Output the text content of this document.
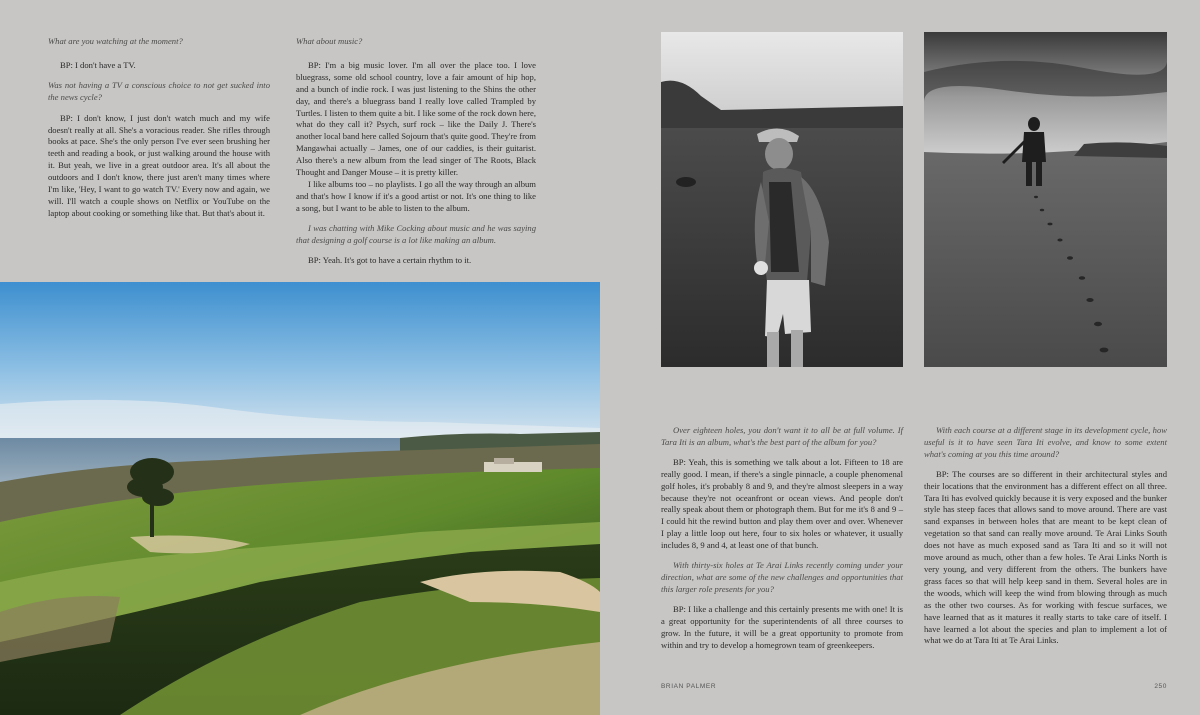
What are you watching at the moment?

BP: I don't have a TV.

Was not having a TV a conscious choice to not get sucked into the news cycle?

BP: I don't know, I just don't watch much and my wife doesn't really at all. She's a voracious reader. She rifles through books at pace. She's the only person I've ever seen brushing her teeth and reading a book, or just walking around the house with it. But yeah, we live in a great outdoor area. It's all about the outdoors and I don't know, there just aren't many times where I'm like, 'Hey, I want to go watch TV.' Every now and again, we will. I'll watch a couple shows on Netflix or YouTube on the laptop about cooking or something like that. But that's about it.

What about music?

BP: I'm a big music lover. I'm all over the place too. I love bluegrass, some old school country, love a fair amount of hip hop, and a bunch of indie rock. I was just listening to the Shins the other day, and there's a bluegrass band I really love called Trampled by Turtles. I listen to them quite a bit. I like some of the rock down here, what do they call it? Psych, surf rock – like the Daily J. There's another local band here called Sojourn that's quite good. They're from Mangawhai actually – James, one of our caddies, is their guitarist. Also there's a new album from the lead singer of The Roots, Black Thought and Danger Mouse – it is pretty killer.

I like albums too – no playlists. I go all the way through an album and that's how I know if it's a good artist or not. It's one thing to like a song, but I want to be able to listen to the album.

I was chatting with Mike Cocking about music and he was saying that designing a golf course is a lot like making an album.

BP: Yeah. It's got to have a certain rhythm to it.

Over eighteen holes, you don't want it to all be at full volume. If Tara Iti is an album, what's the best part of the album for you?

BP: Yeah, this is something we talk about a lot. Fifteen to 18 are really good. I mean, if there's a single pinnacle, a couple phenomenal golf holes, it's probably 8 and 9, and they're almost sleepers in a way because they're not oceanfront or ocean views. And people don't really speak about them or photograph them. But for me it's 8 and 9 – I could hit the rewind button and play them over and over. Whenever I play a little loop out here, four to six holes or whatever, it usually includes 8, 9 and 4, at least one of that bunch.

With thirty-six holes at Te Arai Links recently coming under your direction, what are some of the new challenges and opportunities that this larger role presents for you?

BP: I like a challenge and this certainly presents me with one! It is a great opportunity for the superintendents of all three courses to grow. In the future, it will be a great opportunity to promote from within and try to develop a homegrown team of greenkeepers.

With each course at a different stage in its development cycle, how useful is it to have seen Tara Iti evolve, and know to some extent what's coming at you this time around?

BP: The courses are so different in their architectural styles and their locations that the environment has a different effect on all three. Tara Iti has evolved quickly because it is very exposed and the bunker style has steep faces that allows sand to move around. There are vast sand expanses in between holes that are meant to be kept clean of vegetation so that sand can really move around. Te Arai Links South does not have as much exposed sand as Tara Iti and so it will not move around as much, other than a few holes. Te Arai Links North is very young, and very different from the others. The bunkers have grass faces so that will help keep sand in them. Several holes are in the woods, which will keep the wind from blowing through as much as the other two courses. As for working with fescue surfaces, we have learned that as it matures it really starts to take care of itself. I have learned a lot about the species and plan to implement a lot of what we do at Tara Iti at Te Arai Links.

BRIAN PALMER	250
